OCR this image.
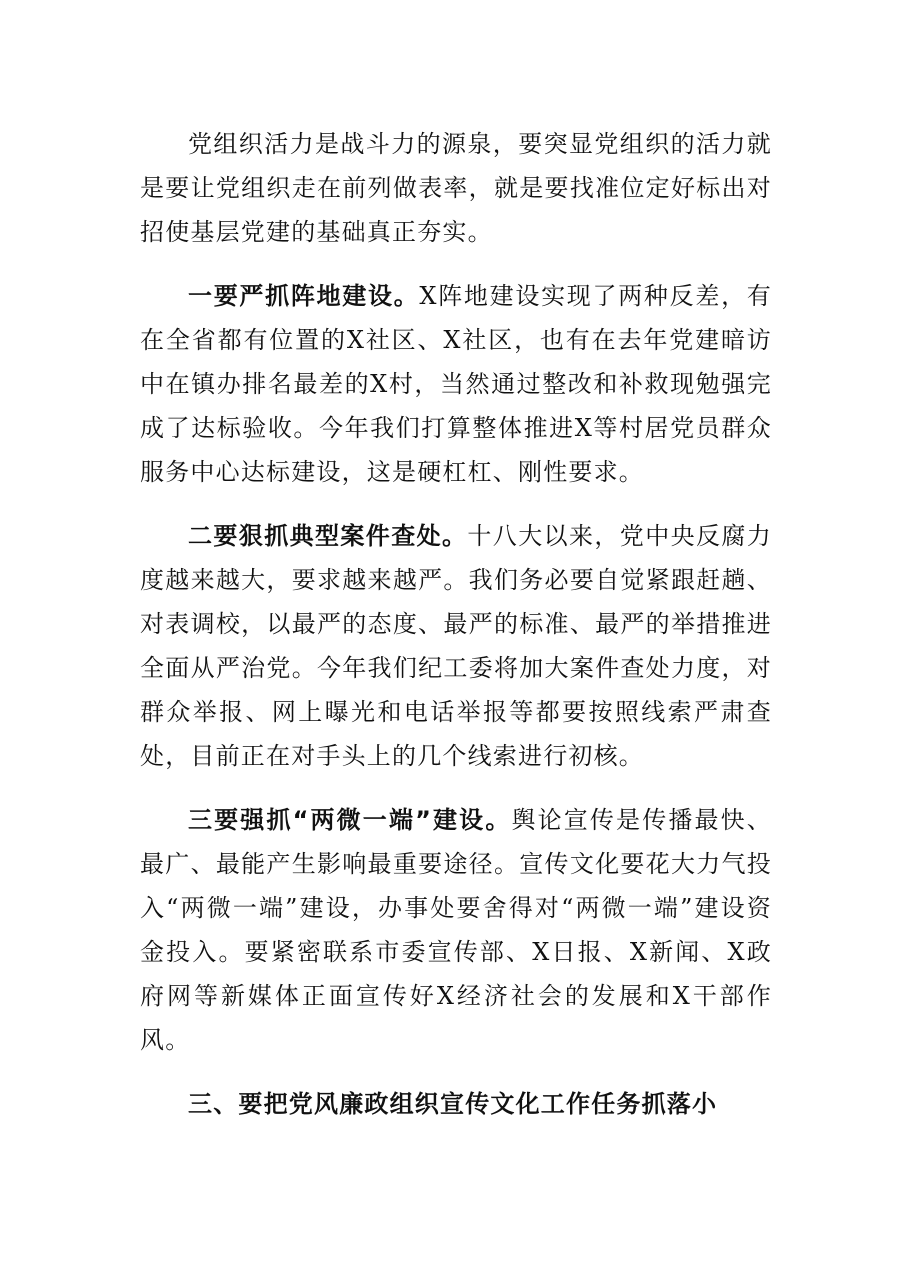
党组织活力是战斗力的源泉，要突显党组织的活力就是要让党组织走在前列做表率，就是要找准位定好标出对招使基层党建的基础真正夯实。

一要严抓阵地建设。X阵地建设实现了两种反差，有在全省都有位置的X社区、X社区，也有在去年党建暗访中在镇办排名最差的X村，当然通过整改和补救现勉强完成了达标验收。今年我们打算整体推进X等村居党员群众服务中心达标建设，这是硬杠杠、刚性要求。

二要狠抓典型案件查处。十八大以来，党中央反腐力度越来越大，要求越来越严。我们务必要自觉紧跟赶趟、对表调校，以最严的态度、最严的标准、最严的举措推进全面从严治党。今年我们纪工委将加大案件查处力度，对群众举报、网上曝光和电话举报等都要按照线索严肃查处，目前正在对手头上的几个线索进行初核。

三要强抓“两微一端”建设。舆论宣传是传播最快、最广、最能产生影响最重要途径。宣传文化要花大力气投入“两微一端”建设，办事处要舍得对“两微一端”建设资金投入。要紧密联系市委宣传部、X日报、X新闻、X政府网等新媒体正面宣传好X经济社会的发展和X干部作风。

三、要把党风廉政组织宣传文化工作任务抓落小
